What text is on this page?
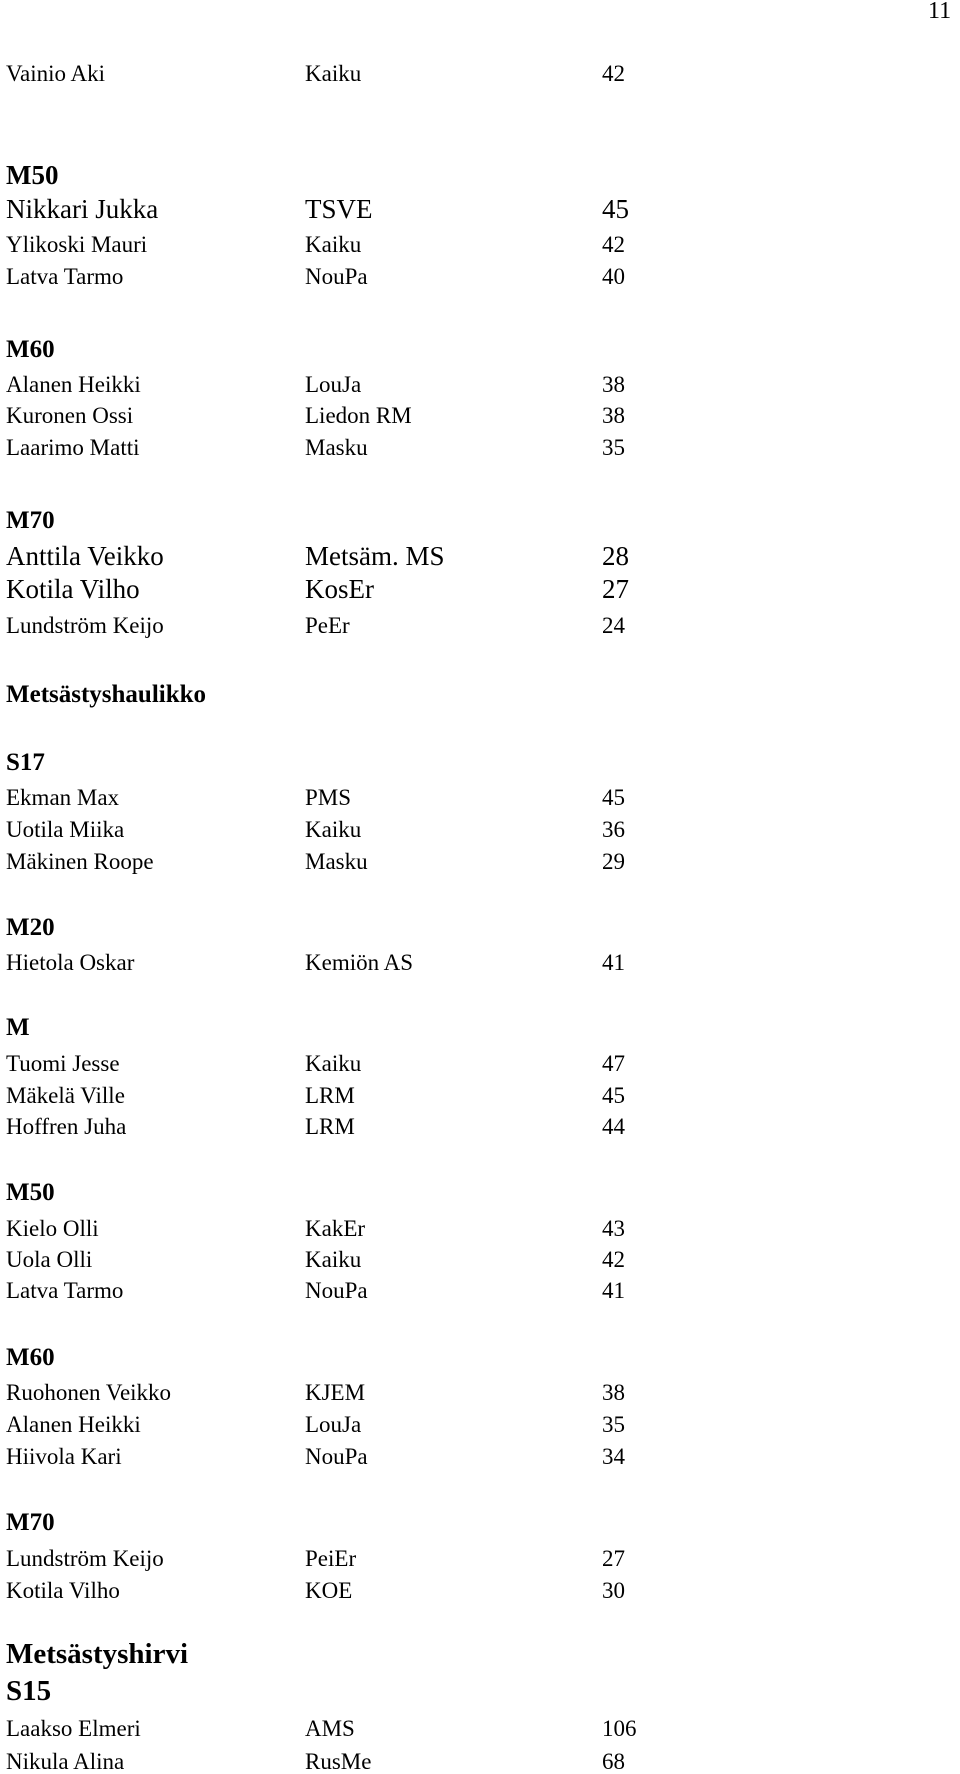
11
Vainio Aki	Kaiku	42
M50
Nikkari Jukka	TSVE	45
Ylikoski Mauri	Kaiku	42
Latva Tarmo	NouPa	40
M60
Alanen Heikki	LouJa	38
Kuronen Ossi	Liedon RM	38
Laarimo Matti	Masku	35
M70
Anttila Veikko	Metsäm. MS	28
Kotila Vilho	KosEr	27
Lundström Keijo	PeEr	24
Metsästyshaulikko
S17
Ekman Max	PMS	45
Uotila Miika	Kaiku	36
Mäkinen Roope	Masku	29
M20
Hietola Oskar	Kemiön AS	41
M
Tuomi Jesse	Kaiku	47
Mäkelä Ville	LRM	45
Hoffren Juha	LRM	44
M50
Kielo Olli	KakEr	43
Uola Olli	Kaiku	42
Latva Tarmo	NouPa	41
M60
Ruohonen Veikko	KJEM	38
Alanen Heikki	LouJa	35
Hiivola Kari	NouPa	34
M70
Lundström Keijo	PeiEr	27
Kotila Vilho	KOE	30
Metsästyshirvi
S15
Laakso Elmeri	AMS	106
Nikula Alina	RusMe	68
